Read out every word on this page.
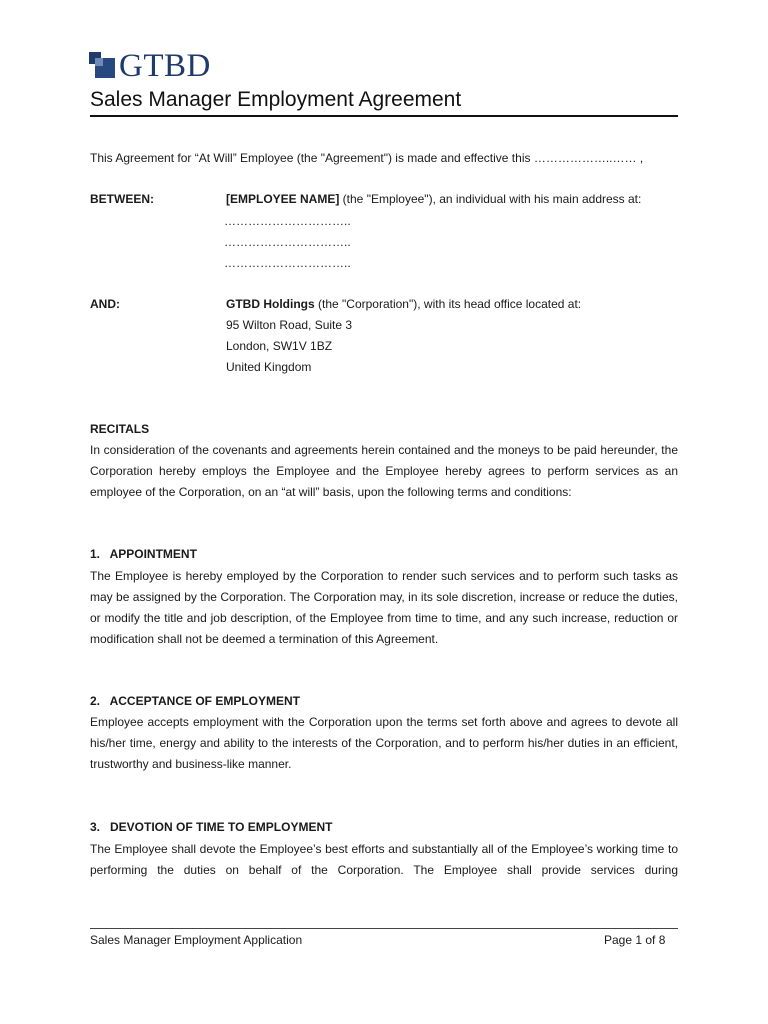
GTBD
Sales Manager Employment Agreement
This Agreement for “At Will” Employee (the "Agreement") is made and effective this ………………..…… ,
BETWEEN:	[EMPLOYEE NAME] (the "Employee"), an individual with his main address at:
…………………………..
…………………………..
…………………………..
AND:	GTBD Holdings (the "Corporation"), with its head office located at:
95 Wilton Road, Suite 3
London, SW1V 1BZ
United Kingdom
RECITALS
In consideration of the covenants and agreements herein contained and the moneys to be paid hereunder, the Corporation hereby employs the Employee and the Employee hereby agrees to perform services as an employee of the Corporation, on an “at will” basis, upon the following terms and conditions:
1.   APPOINTMENT
The Employee is hereby employed by the Corporation to render such services and to perform such tasks as may be assigned by the Corporation. The Corporation may, in its sole discretion, increase or reduce the duties, or modify the title and job description, of the Employee from time to time, and any such increase, reduction or modification shall not be deemed a termination of this Agreement.
2.   ACCEPTANCE OF EMPLOYMENT
Employee accepts employment with the Corporation upon the terms set forth above and agrees to devote all his/her time, energy and ability to the interests of the Corporation, and to perform his/her duties in an efficient, trustworthy and business-like manner.
3.   DEVOTION OF TIME TO EMPLOYMENT
The Employee shall devote the Employee’s best efforts and substantially all of the Employee’s working time to performing the duties on behalf of the Corporation. The Employee shall provide services during
Sales Manager Employment Application	Page 1 of 8
